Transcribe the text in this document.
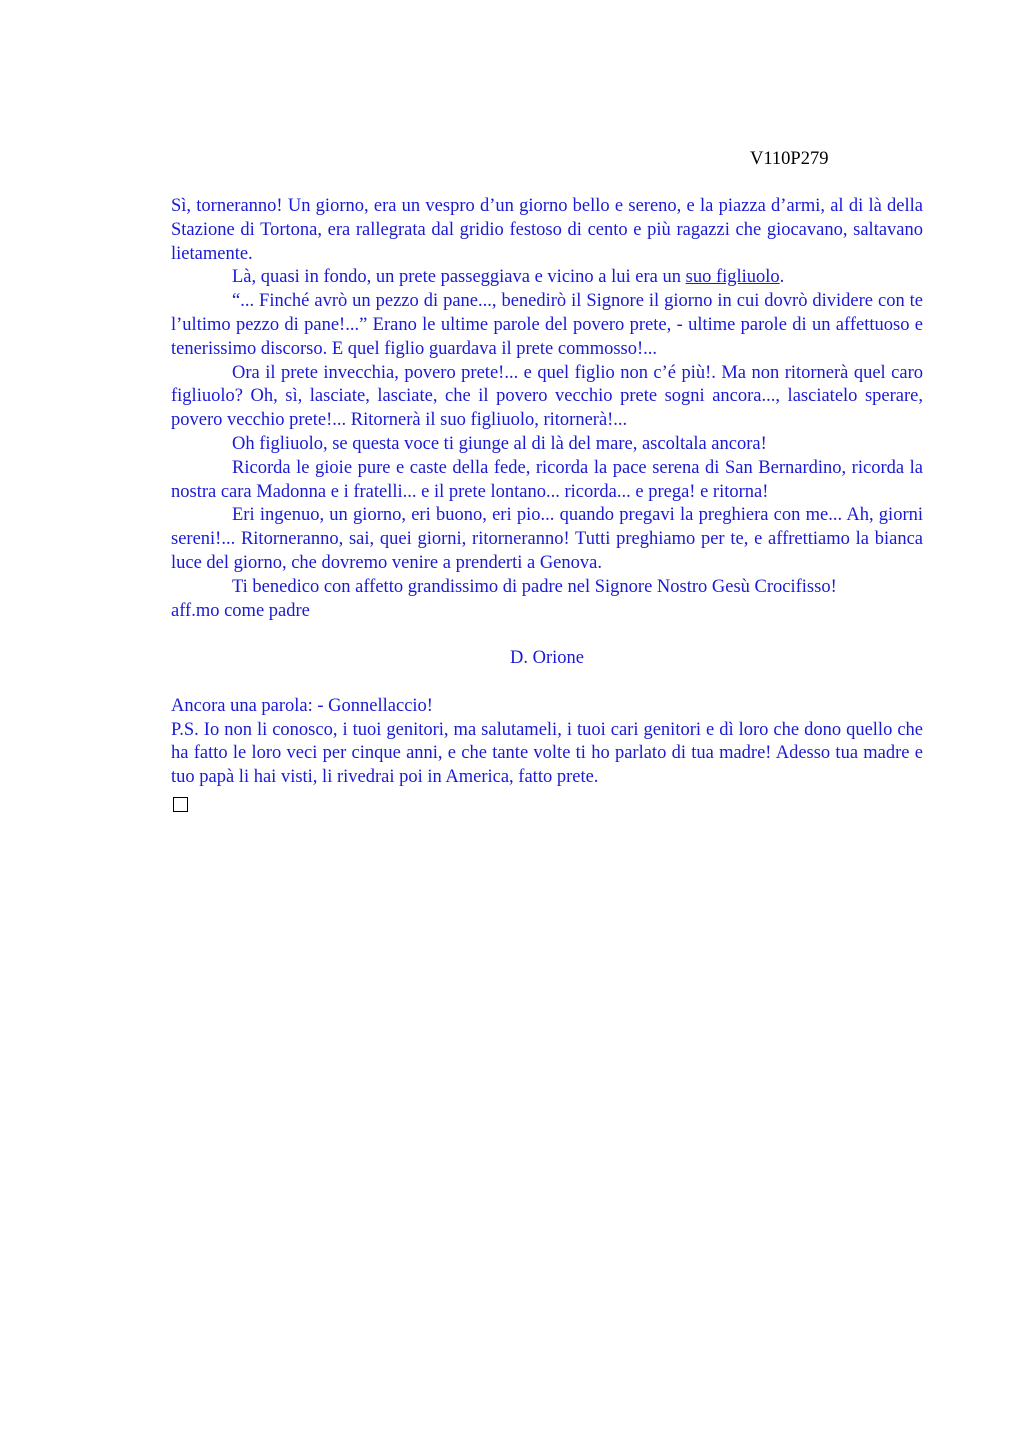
V110P279

Sì, torneranno! Un giorno, era un vespro d’un giorno bello e sereno, e la piazza d’armi, al di là della Stazione di Tortona, era rallegrata dal gridio festoso di cento e più ragazzi che giocavano, saltavano lietamente.

Là, quasi in fondo, un prete passeggiava e vicino a lui era un suo figliuolo.

“... Finché avrò un pezzo di pane..., benedirò il Signore il giorno in cui dovrò dividere con te l’ultimo pezzo di pane!...” Erano le ultime parole del povero prete, - ultime parole di un affettuoso e tenerissimo discorso. E quel figlio guardava il prete commosso!...

Ora il prete invecchia, povero prete!... e quel figlio non c’é più!. Ma non ritornerà quel caro figliuolo? Oh, sì, lasciate, lasciate, che il povero vecchio prete sogni ancora..., lasciatelo sperare, povero vecchio prete!... Ritornerà il suo figliuolo, ritornerà!...

Oh figliuolo, se questa voce ti giunge al di là del mare, ascoltala ancora!

Ricorda le gioie pure e caste della fede, ricorda la pace serena di San Bernardino, ricorda la nostra cara Madonna e i fratelli... e il prete lontano... ricorda... e prega! e ritorna!

Eri ingenuo, un giorno, eri buono, eri pio... quando pregavi la preghiera con me... Ah, giorni sereni!... Ritorneranno, sai, quei giorni, ritorneranno! Tutti preghiamo per te, e affrettiamo la bianca luce del giorno, che dovremo venire a prenderti a Genova.

Ti benedico con affetto grandissimo di padre nel Signore Nostro Gesù Crocifisso!

aff.mo come padre

D. Orione

Ancora una parola: - Gonnellaccio!

P.S. Io non li conosco, i tuoi genitori, ma salutameli, i tuoi cari genitori e dì loro che dono quello che ha fatto le loro veci per cinque anni, e che tante volte ti ho parlato di tua madre! Adesso tua madre e tuo papà li hai visti, li rivedrai poi in America, fatto prete.
